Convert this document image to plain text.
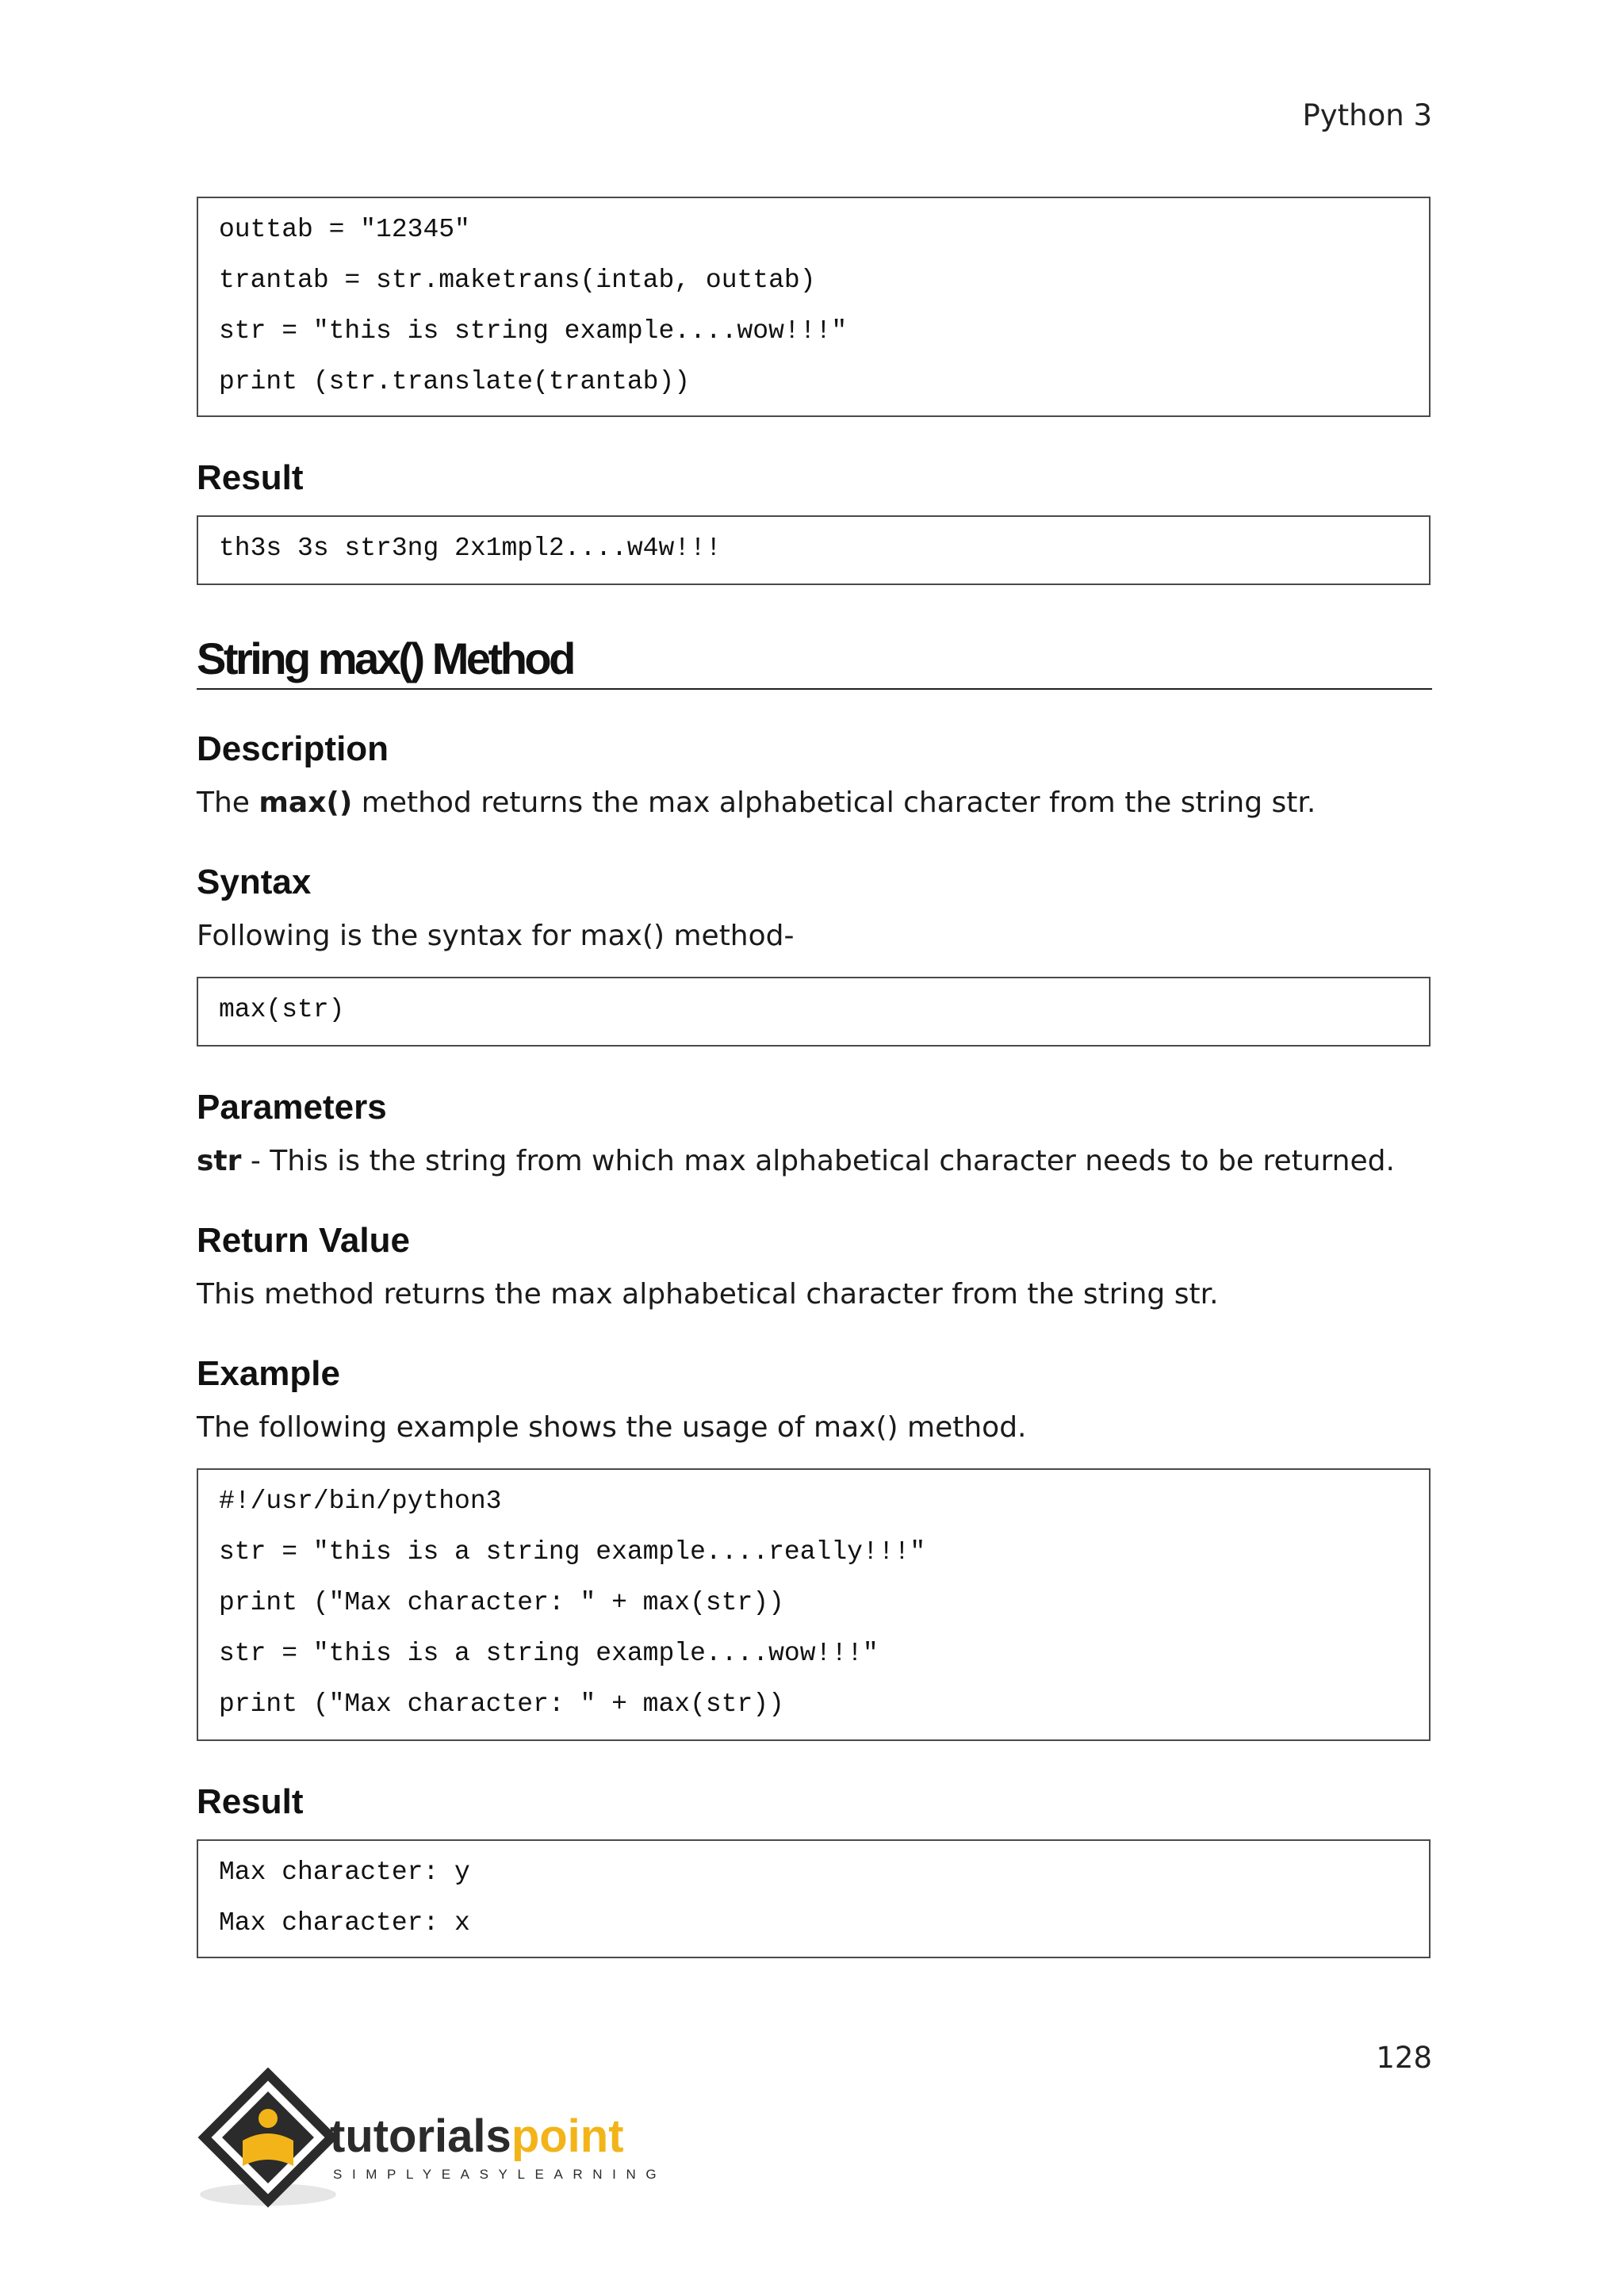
Python 3
outtab = "12345"
trantab = str.maketrans(intab, outtab)
str = "this is string example....wow!!!"
print (str.translate(trantab))
Result
th3s 3s str3ng 2x1mpl2....w4w!!!
String max() Method
Description
The max() method returns the max alphabetical character from the string str.
Syntax
Following is the syntax for max() method-
max(str)
Parameters
str - This is the string from which max alphabetical character needs to be returned.
Return Value
This method returns the max alphabetical character from the string str.
Example
The following example shows the usage of max() method.
#!/usr/bin/python3
str = "this is a string example....really!!!"
print ("Max character: " + max(str))
str = "this is a string example....wow!!!"
print ("Max character: " + max(str))
Result
Max character: y
Max character: x
128
tutorialspoint
SIMPLYEASYLEARNING
